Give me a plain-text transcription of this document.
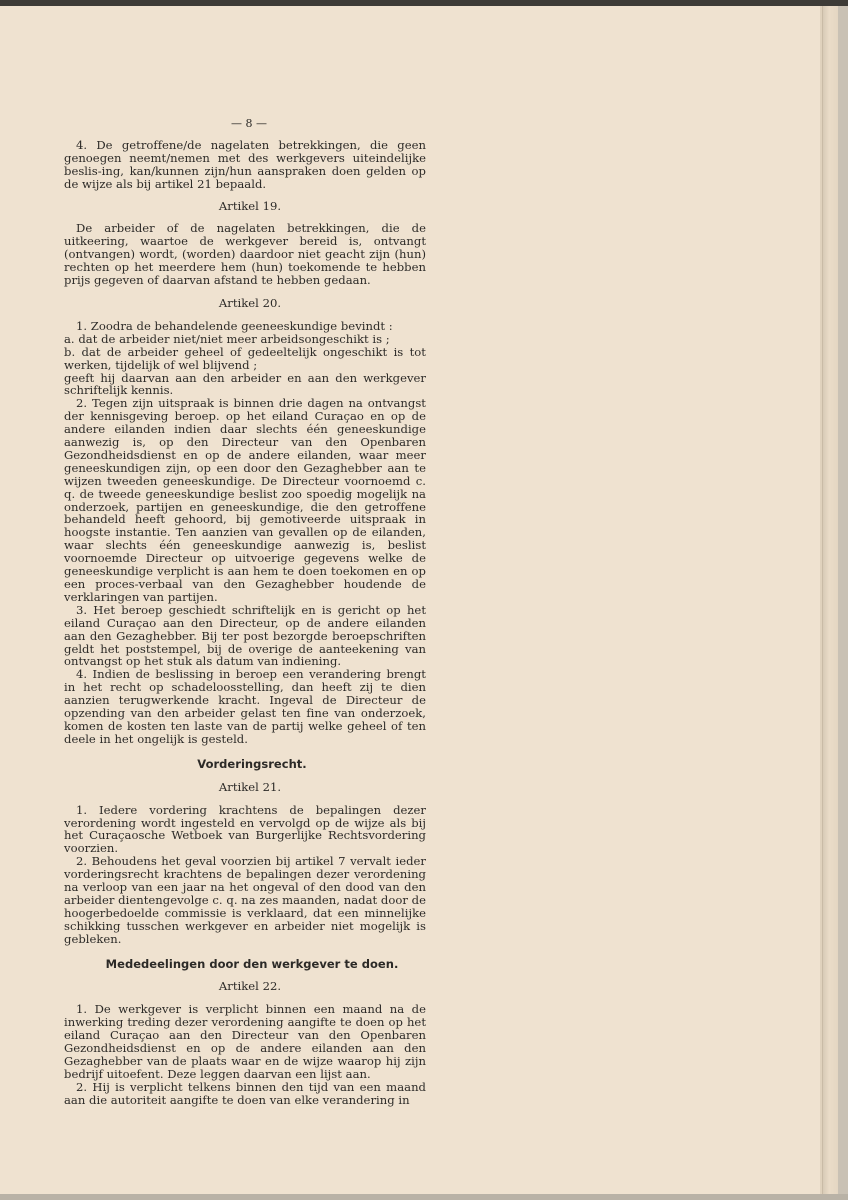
— 8 —

4. De getroffene/de nagelaten betrekkingen, die geen genoegen neemt/nemen met des werkgevers uiteindelijke beslis-ing, kan/kunnen zijn/hun aanspraken doen gelden op de wijze als bij artikel 21 bepaald.

Artikel 19.

De arbeider of de nagelaten betrekkingen, die de uitkeering, waartoe de werkgever bereid is, ontvangt (ontvangen) wordt, (worden) daardoor niet geacht zijn (hun) rechten op het meerdere hem (hun) toekomende te hebben prijs gegeven of daarvan afstand te hebben gedaan.

Artikel 20.

1. Zoodra de behandelende geeneeskundige bevindt :

a. dat de arbeider niet/niet meer arbeidsongeschikt is ;

b. dat de arbeider geheel of gedeeltelijk ongeschikt is tot werken, tijdelijk of wel blijvend ;

geeft hij daarvan aan den arbeider en aan den werkgever schriftelijk kennis.

2. Tegen zijn uitspraak is binnen drie dagen na ontvangst der kennisgeving beroep. op het eiland Curaçao en op de andere eilanden indien daar slechts één geneeskundige aanwezig is, op den Directeur van den Openbaren Gezondheidsdienst en op de andere eilanden, waar meer geneeskundigen zijn, op een door den Gezaghebber aan te wijzen tweeden geneeskundige. De Directeur voornoemd c. q. de tweede geneeskundige beslist zoo spoedig mogelijk na onderzoek, partijen en geneeskundige, die den getroffene behandeld heeft gehoord, bij gemotiveerde uitspraak in hoogste instantie. Ten aanzien van gevallen op de eilanden, waar slechts één geneeskundige aanwezig is, beslist voornoemde Directeur op uitvoerige gegevens welke de geneeskundige verplicht is aan hem te doen toekomen en op een proces-verbaal van den Gezaghebber houdende de verklaringen van partijen.

3. Het beroep geschiedt schriftelijk en is gericht op het eiland Curaçao aan den Directeur, op de andere eilanden aan den Gezaghebber. Bij ter post bezorgde beroepschriften geldt het poststempel, bij de overige de aanteekening van ontvangst op het stuk als datum van indiening.

4. Indien de beslissing in beroep een verandering brengt in het recht op schadeloosstelling, dan heeft zij te dien aanzien terugwerkende kracht. Ingeval de Directeur de opzending van den arbeider gelast ten fine van onderzoek, komen de kosten ten laste van de partij welke geheel of ten deele in het ongelijk is gesteld.

Vorderingsrecht.
Artikel 21.

1. Iedere vordering krachtens de bepalingen dezer verordening wordt ingesteld en vervolgd op de wijze als bij het Curaçaosche Wetboek van Burgerlijke Rechtsvordering voorzien.

2. Behoudens het geval voorzien bij artikel 7 vervalt ieder vorderingsrecht krachtens de bepalingen dezer verordening na verloop van een jaar na het ongeval of den dood van den arbeider dientengevolge c. q. na zes maanden, nadat door de hoogerbedoelde commissie is verklaard, dat een minnelijke schikking tusschen werkgever en arbeider niet mogelijk is gebleken.

Mededeelingen door den werkgever te doen.
Artikel 22.

1. De werkgever is verplicht binnen een maand na de inwerking treding dezer verordening aangifte te doen op het eiland Curaçao aan den Directeur van den Openbaren Gezondheidsdienst en op de andere eilanden aan den Gezaghebber van de plaats waar en de wijze waarop hij zijn bedrijf uitoefent. Deze leggen daarvan een lijst aan.

2. Hij is verplicht telkens binnen den tijd van een maand aan die autoriteit aangifte te doen van elke verandering in
